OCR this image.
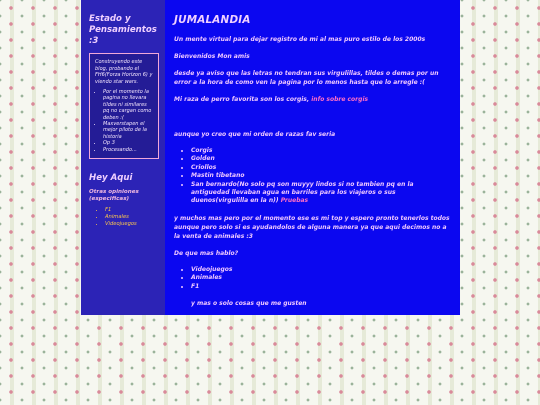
Estado y Pensamientos :3

Construyendo este blog, probando el FH6(Forza Horizon 6) y viendo star wars.

• Por el momento la pagina no llevara tildes ni similares pq no cargan como deben :(
• Maxverstapen el mejor piloto de la historia
• Op 3
• Procesando...
Hey Aqui
Otras opiniones (especificas)
• F1
• Animales
• Videojuegos
JUMALANDIA

Un mente virtual para dejar registro de mi al mas puro estilo de los 2000s

Bienvenidos Mon amis

desde ya aviso que las letras no tendran sus virgulillas, tildes o demas por un error a la hora de como ven la pagina por lo menos hasta que lo arregle :(

Mi raza de perro favorita son los corgis, info sobre corgis

aunque yo creo que mi orden de razas fav seria

• Corgis
• Golden
• Criollos
• Mastin tibetano
• San bernardo(No solo pq son muyyy lindos si no tambien pq en la antiguedad llevaban agua en barriles para los viajeros o sus duenos(virgulilla en la n)) Pruebas

y muchos mas pero por el momento ese es mi top y espero pronto tenerlos todos aunque pero solo si es ayudandolos de alguna manera ya que aqui decimos no a la venta de animales :3

De que mas hablo?

• Videojuegos
• Animales
• F1

y mas o solo cosas que me gusten
